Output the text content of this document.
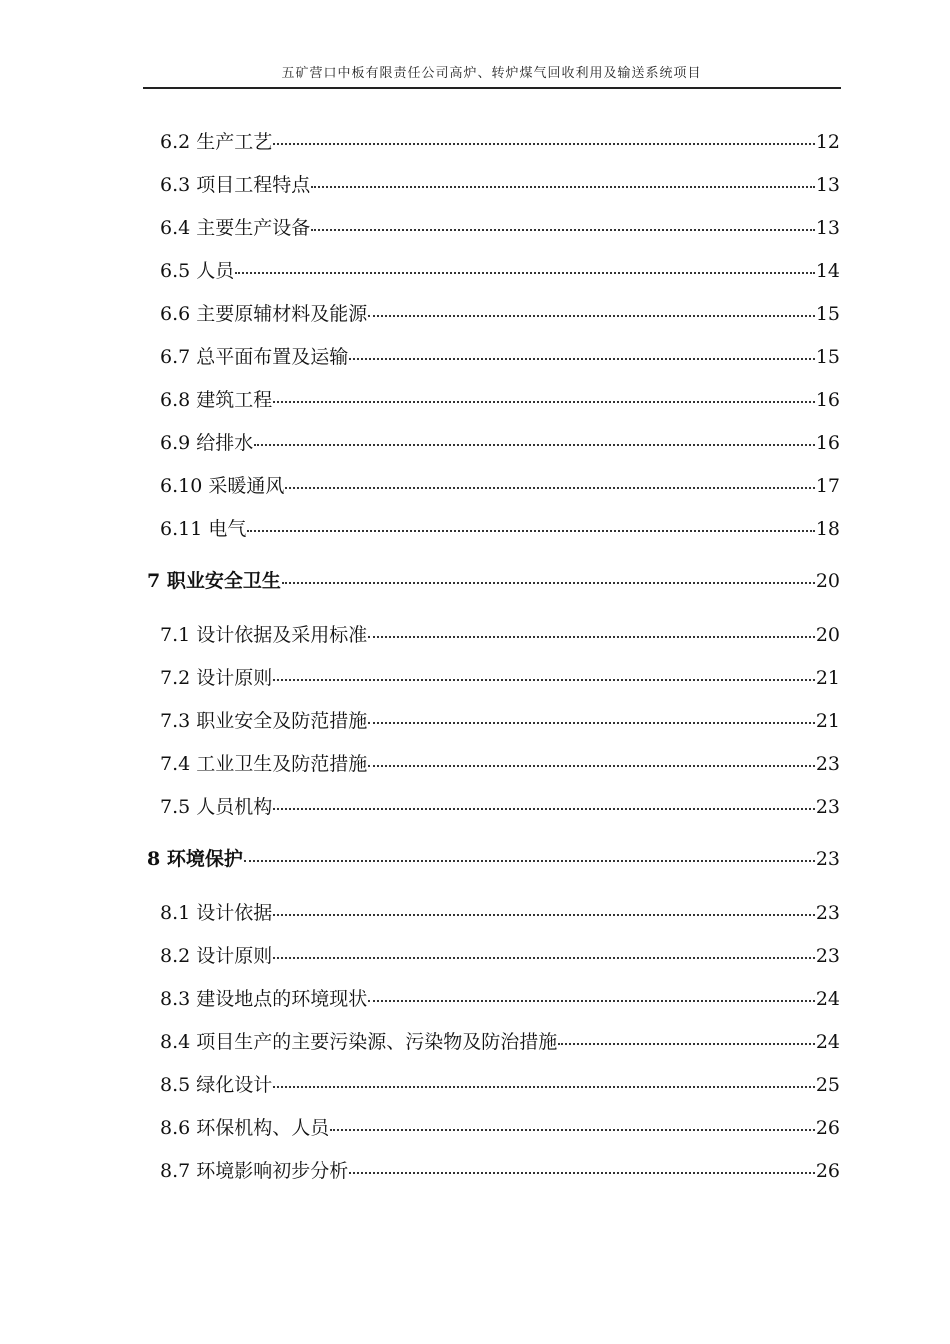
五矿营口中板有限责任公司高炉、转炉煤气回收利用及输送系统项目
6.2 生产工艺	12
6.3 项目工程特点	13
6.4 主要生产设备	13
6.5 人员	14
6.6 主要原辅材料及能源	15
6.7 总平面布置及运输	15
6.8 建筑工程	16
6.9 给排水	16
6.10 采暖通风	17
6.11 电气	18
7 职业安全卫生	20
7.1 设计依据及采用标准	20
7.2 设计原则	21
7.3 职业安全及防范措施	21
7.4 工业卫生及防范措施	23
7.5 人员机构	23
8 环境保护	23
8.1 设计依据	23
8.2 设计原则	23
8.3 建设地点的环境现状	24
8.4 项目生产的主要污染源、污染物及防治措施	24
8.5 绿化设计	25
8.6 环保机构、人员	26
8.7 环境影响初步分析	26
